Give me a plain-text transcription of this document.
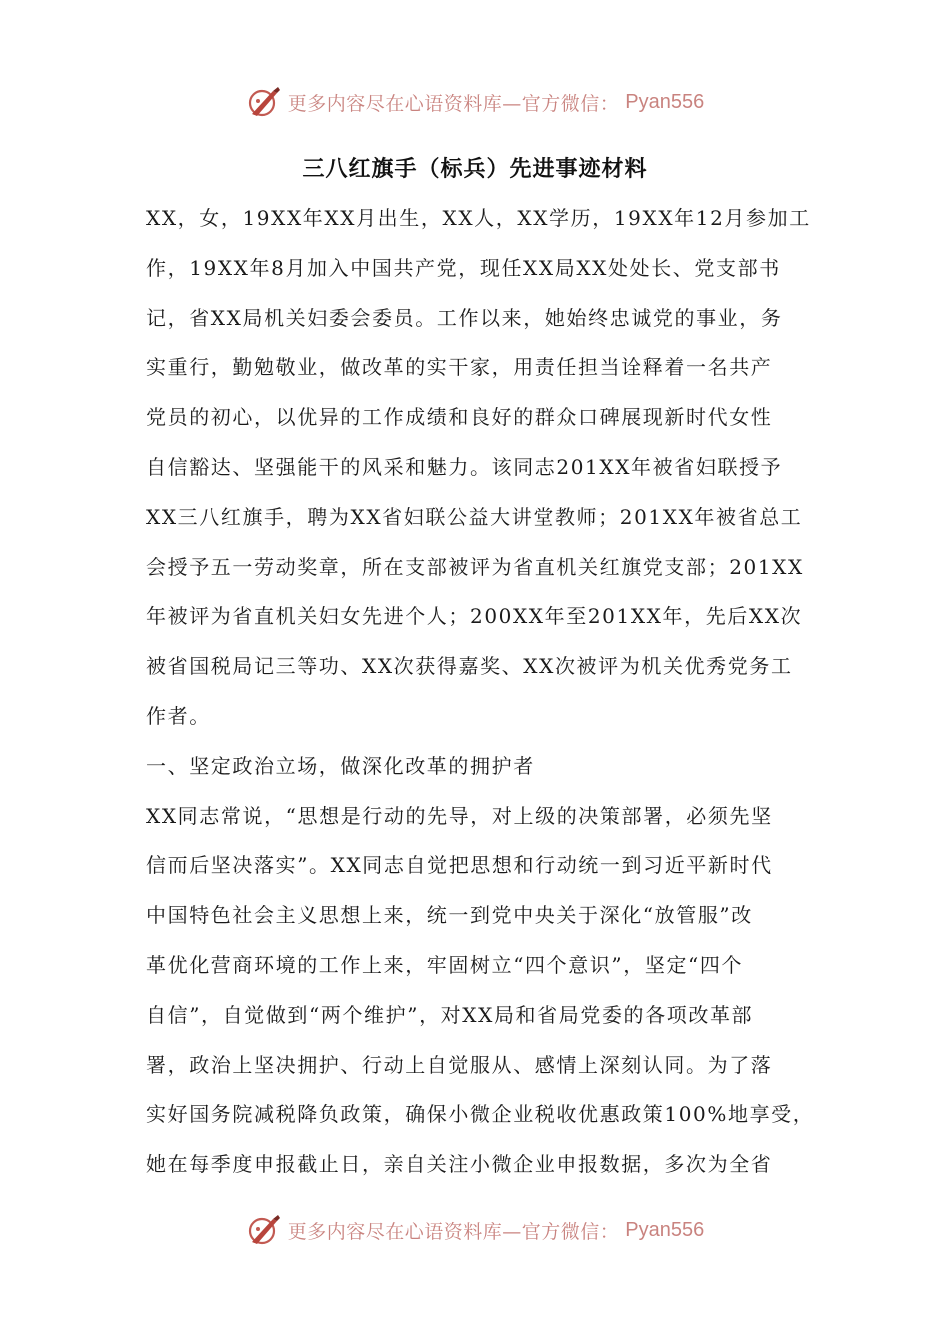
更多内容尽在心语资料库—官方微信： Pyan556
三八红旗手（标兵）先进事迹材料
XX，女，19XX年XX月出生，XX人，XX学历，19XX年12月参加工
作，19XX年8月加入中国共产党，现任XX局XX处处长、党支部书
记，省XX局机关妇委会委员。工作以来，她始终忠诚党的事业，务
实重行，勤勉敬业，做改革的实干家，用责任担当诠释着一名共产
党员的初心，以优异的工作成绩和良好的群众口碑展现新时代女性
自信豁达、坚强能干的风采和魅力。该同志201XX年被省妇联授予
XX三八红旗手，聘为XX省妇联公益大讲堂教师；201XX年被省总工
会授予五一劳动奖章，所在支部被评为省直机关红旗党支部；201XX
年被评为省直机关妇女先进个人；200XX年至201XX年，先后XX次
被省国税局记三等功、XX次获得嘉奖、XX次被评为机关优秀党务工
作者。
一、坚定政治立场，做深化改革的拥护者
XX同志常说，“思想是行动的先导，对上级的决策部署，必须先坚
信而后坚决落实”。XX同志自觉把思想和行动统一到习近平新时代
中国特色社会主义思想上来，统一到党中央关于深化“放管服”改
革优化营商环境的工作上来，牢固树立“四个意识”，坚定“四个
自信”，自觉做到“两个维护”，对XX局和省局党委的各项改革部
署，政治上坚决拥护、行动上自觉服从、感情上深刻认同。为了落
实好国务院减税降负政策，确保小微企业税收优惠政策100%地享受，
她在每季度申报截止日，亲自关注小微企业申报数据，多次为全省
更多内容尽在心语资料库—官方微信： Pyan556
